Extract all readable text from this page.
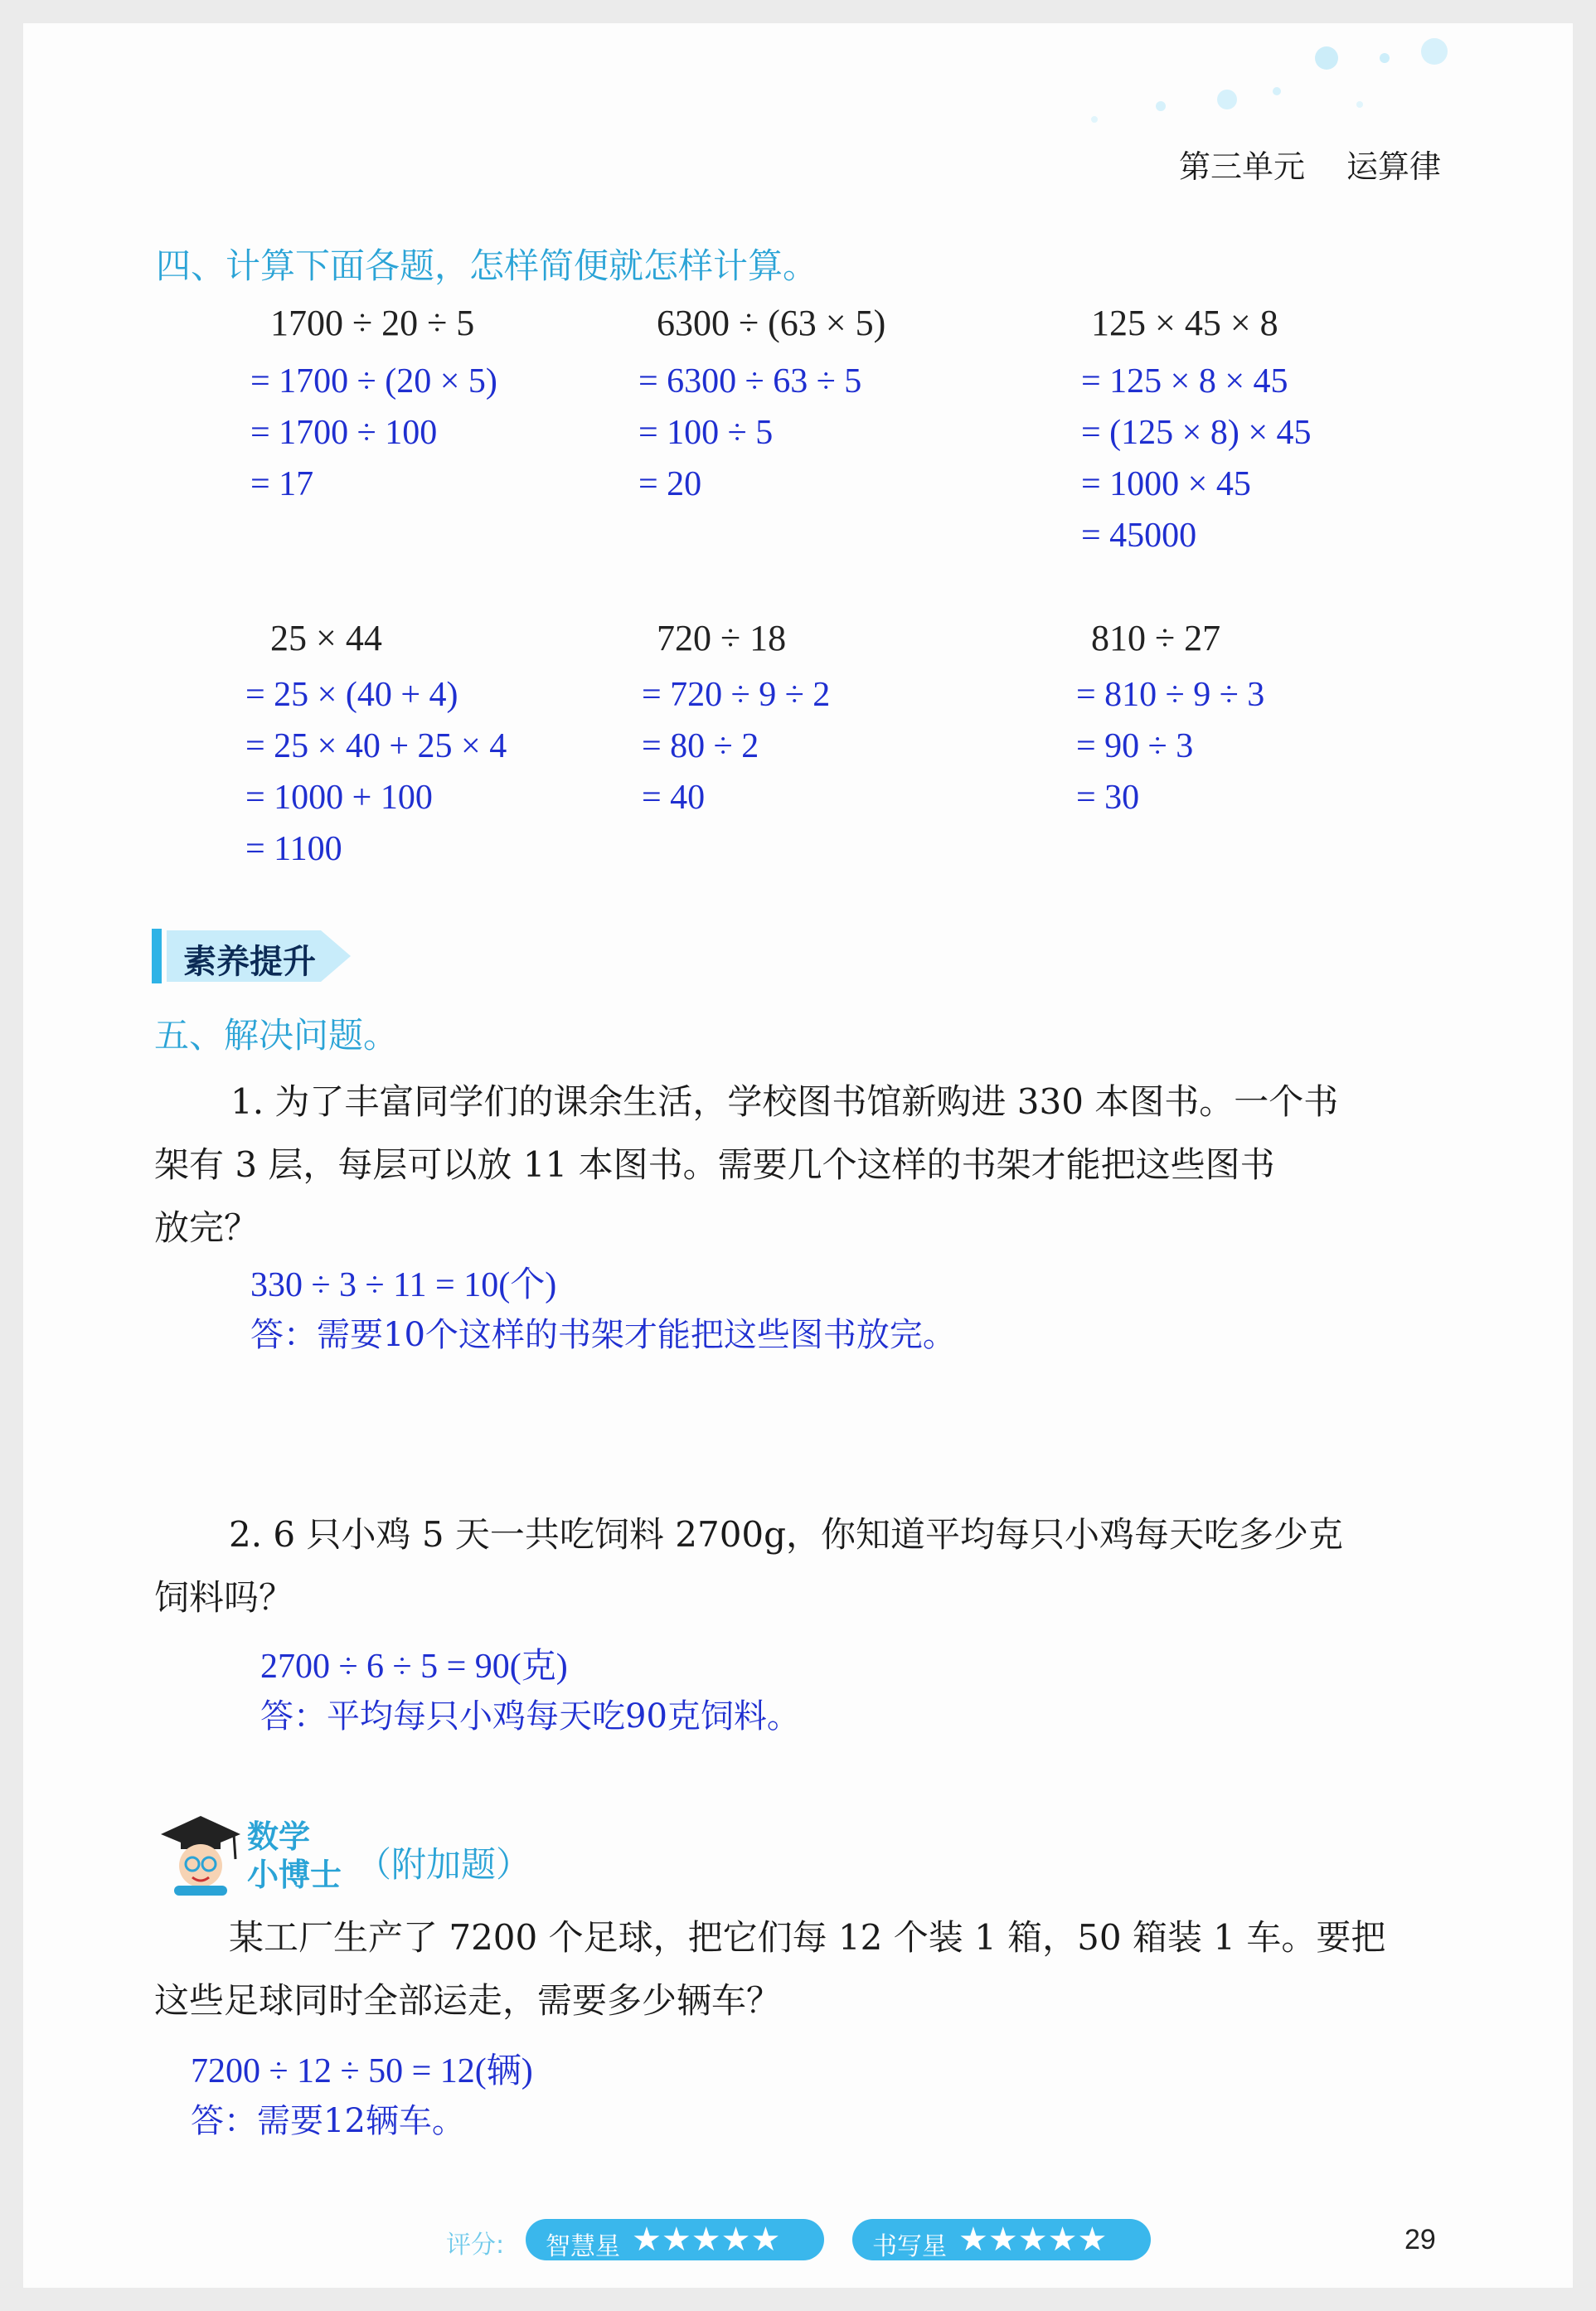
第三单元 运算律
四、计算下面各题，怎样简便就怎样计算。
1700 ÷ 20 ÷ 5
= 1700 ÷ (20 × 5)
= 1700 ÷ 100
= 17
6300 ÷ (63 × 5)
= 6300 ÷ 63 ÷ 5
= 100 ÷ 5
= 20
125 × 45 × 8
= 125 × 8 × 45
= (125 × 8) × 45
= 1000 × 45
= 45000
25 × 44
= 25 × (40 + 4)
= 25 × 40 + 25 × 4
= 1000 + 100
= 1100
720 ÷ 18
= 720 ÷ 9 ÷ 2
= 80 ÷ 2
= 40
810 ÷ 27
= 810 ÷ 9 ÷ 3
= 90 ÷ 3
= 30
素养提升
五、解决问题。
1. 为了丰富同学们的课余生活，学校图书馆新购进 330 本图书。一个书
架有 3 层，每层可以放 11 本图书。需要几个这样的书架才能把这些图书
放完？
330 ÷ 3 ÷ 11 = 10(个)
答：需要10个这样的书架才能把这些图书放完。
2. 6 只小鸡 5 天一共吃饲料 2700g，你知道平均每只小鸡每天吃多少克
饲料吗？
2700 ÷ 6 ÷ 5 = 90(克)
答：平均每只小鸡每天吃90克饲料。
数学
小博士 （附加题）
某工厂生产了 7200 个足球，把它们每 12 个装 1 箱，50 箱装 1 车。要把
这些足球同时全部运走，需要多少辆车？
7200 ÷ 12 ÷ 50 = 12(辆)
答：需要12辆车。
评分: 智慧星 ★★★★★	书写星 ★★★★★	29
